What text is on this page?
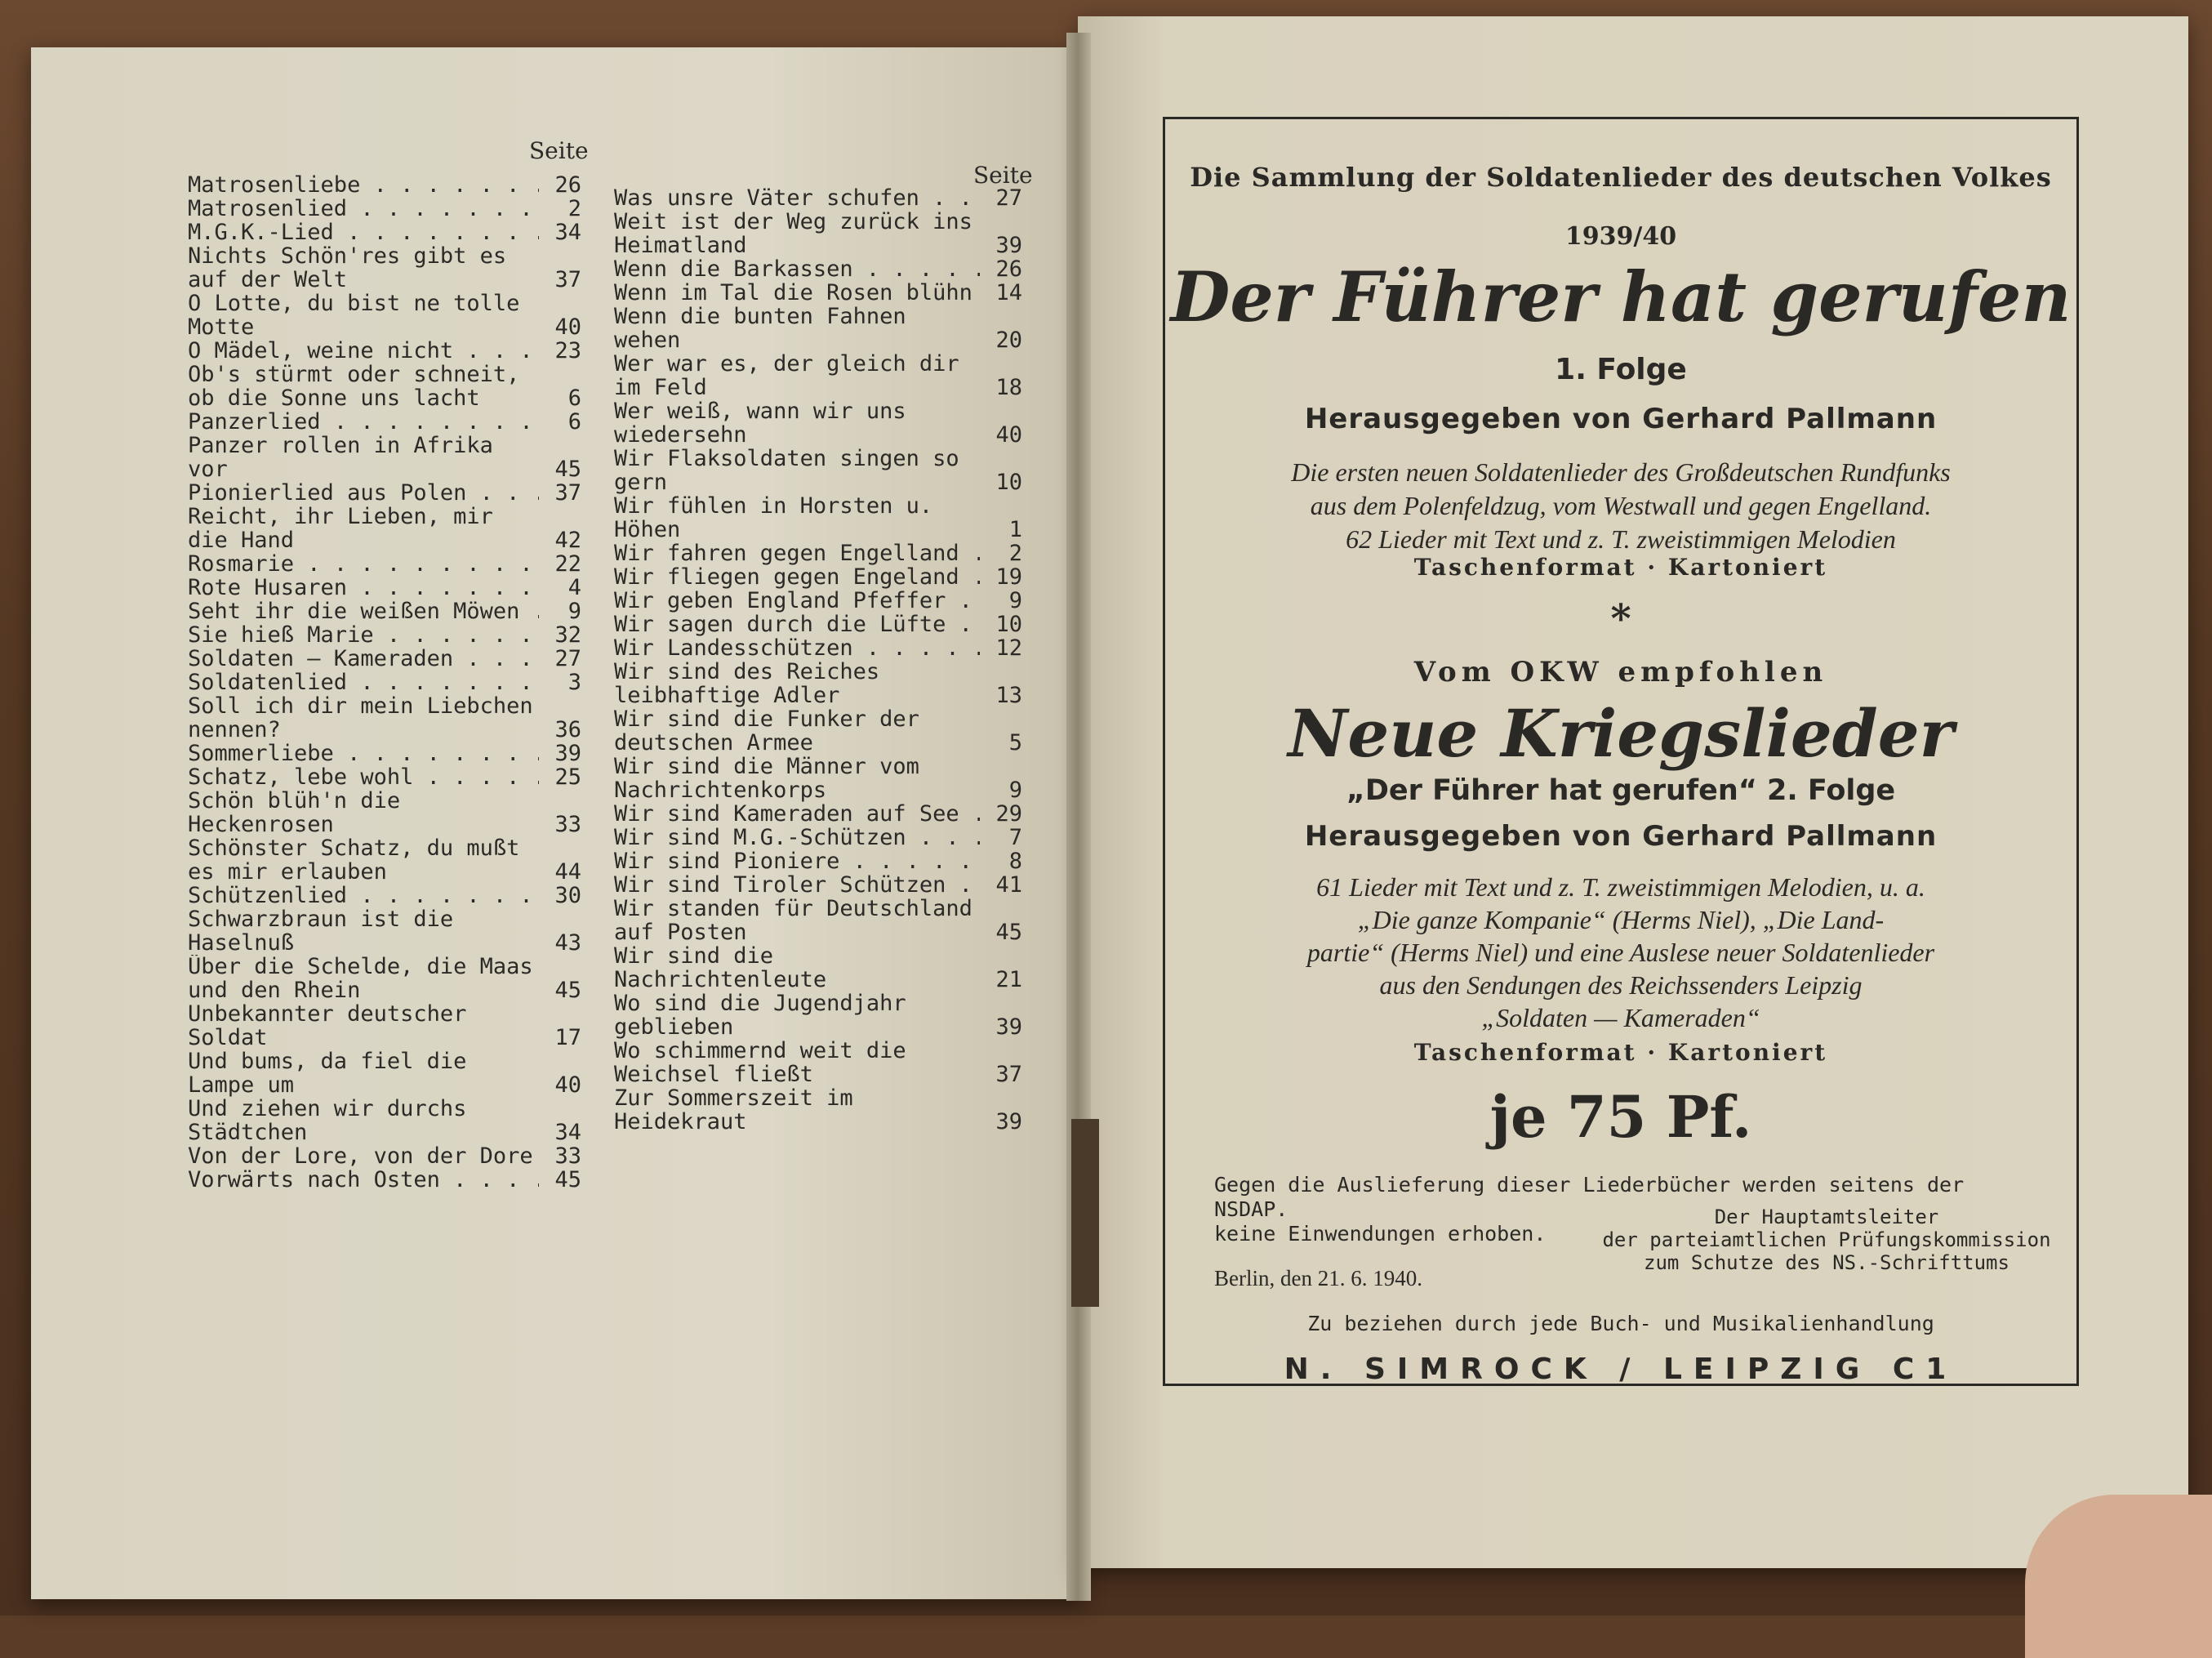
Seite
Seite
Matrosenliebe . . .	26
Matrosenlied . . .	2
M.G.K.-Lied . . .	34
Nichts Schön'res gibt es auf der Welt	37
O Lotte, du bist ne tolle Motte	40
O Mädel, weine nicht . . .	23
Ob's stürmt oder schneit, ob die Sonne uns lacht	6
Panzerlied . . .	6
Panzer rollen in Afrika vor	45
Pionierlied aus Polen . . .	37
Reicht, ihr Lieben, mir die Hand	42
Rosmarie . . .	22
Rote Husaren . . .	4
Seht ihr die weißen Möwen . . .	9
Sie hieß Marie . . .	32
Soldaten — Kameraden . . .	27
Soldatenlied . . .	3
Soll ich dir mein Liebchen nennen?	36
Sommerliebe . . .	39
Schatz, lebe wohl . . .	25
Schön blüh'n die Heckenrosen	33
Schönster Schatz, du mußt es mir erlauben	44
Schützenlied . . .	30
Schwarzbraun ist die Haselnuß	43
Über die Schelde, die Maas und den Rhein	45
Unbekannter deutscher Soldat	17
Und bums, da fiel die Lampe um	40
Und ziehen wir durchs Städtchen	34
Von der Lore, von der Dore . . . 33
Vorwärts nach Osten . . .	45
Was unsre Väter schufen . . .	27
Weit ist der Weg zurück ins Heimatland	39
Wenn die Barkassen . . .	26
Wenn im Tal die Rosen blühn	14
Wenn die bunten Fahnen wehen	20
Wer war es, der gleich dir im Feld	18
Wer weiß, wann wir uns wiedersehn	40
Wir Flaksoldaten singen so gern	10
Wir fühlen in Horsten u. Höhen	1
Wir fahren gegen Engelland . . .	2
Wir fliegen gegen Engeland . . .	19
Wir geben England Pfeffer . . .	9
Wir sagen durch die Lüfte . . .	10
Wir Landesschützen . . .	12
Wir sind des Reiches leibhaftige Adler	13
Wir sind die Funker der deutschen Armee	5
Wir sind die Männer vom Nachrichtenkorps	9
Wir sind Kameraden auf See . . .	29
Wir sind M.G.-Schützen . . .	7
Wir sind Pioniere . . .	8
Wir sind Tiroler Schützen . . .	41
Wir standen für Deutschland auf Posten	45
Wir sind die Nachrichtenleute	21
Wo sind die Jugendjahr geblieben	39
Wo schimmernd weit die Weichsel fließt	37
Zur Sommerszeit im Heidekraut	39
Die Sammlung der Soldatenlieder des deutschen Volkes
1939/40
Der Führer hat gerufen
1. Folge
Herausgegeben von Gerhard Pallmann
Die ersten neuen Soldatenlieder des Großdeutschen Rundfunks
aus dem Polenfeldzug, vom Westwall und gegen Engelland.
62 Lieder mit Text und z. T. zweistimmigen Melodien
Taschenformat · Kartoniert
*
Vom OKW empfohlen
Neue Kriegslieder
„Der Führer hat gerufen“ 2. Folge
Herausgegeben von Gerhard Pallmann
61 Lieder mit Text und z. T. zweistimmigen Melodien, u. a.
„Die ganze Kompanie“ (Herms Niel), „Die Land-
partie“ (Herms Niel) und eine Auslese neuer Soldatenlieder
aus den Sendungen des Reichssenders Leipzig
„Soldaten — Kameraden“
Taschenformat · Kartoniert
je 75 Pf.
Gegen die Auslieferung dieser Liederbücher werden seitens der NSDAP.
keine Einwendungen erhoben.
Der Hauptamtsleiter
der parteiamtlichen Prüfungskommission
zum Schutze des NS.-Schrifttums
Berlin, den 21. 6. 1940.
Zu beziehen durch jede Buch- und Musikalienhandlung
N. SIMROCK / LEIPZIG C1
